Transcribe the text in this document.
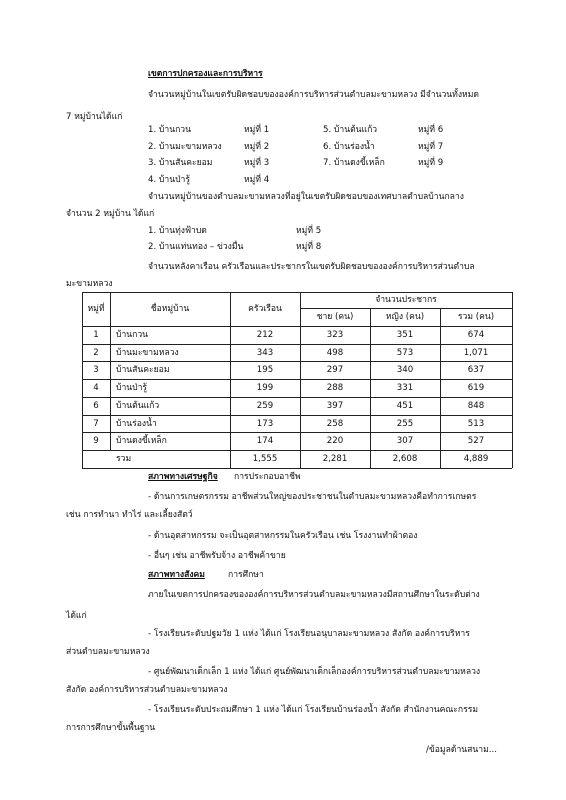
เขตการปกครองและการบริหาร
จำนวนหมู่บ้านในเขตรับผิดชอบขององค์การบริหารส่วนตำบลมะขามหลวง มีจำนวนทั้งหมด
7 หมู่บ้านได้แก่
1. บ้านกวน	หมู่ที่ 1
2. บ้านมะขามหลวง	หมู่ที่ 2
3. บ้านสันคะยอม	หมู่ที่ 3
4. บ้านป่ารู้	หมู่ที่ 4
5. บ้านต้นแก้ว	หมู่ที่ 6
6. บ้านร่องน้ำ	หมู่ที่ 7
7. บ้านดงขี้เหล็ก	หมู่ที่ 9
จำนวนหมู่บ้านของตำบลมะขามหลวงที่อยู่ในเขตรับผิดชอบของเทศบาลตำบลบ้านกลาง
จำนวน 2 หมู่บ้าน ได้แก่
1. บ้านทุ่งฟ้าบด	หมู่ที่ 5
2. บ้านแท่นทอง – ข่วงมื่น	หมู่ที่ 8
จำนวนหลังคาเรือน ครัวเรือนและประชากรในเขตรับผิดชอบขององค์การบริหารส่วนตำบล
มะขามหลวง
หมู่ที่	ชื่อหมู่บ้าน	ครัวเรือน
จำนวนประชากร
ชาย (คน)	หญิง (คน)	รวม (คน)
1	บ้านกวน	212	323	351	674
2	บ้านมะขามหลวง	343	498	573	1,071
3	บ้านสันคะยอม	195	297	340	637
4	บ้านป่ารู้	199	288	331	619
6	บ้านต้นแก้ว	259	397	451	848
7	บ้านร่องน้ำ	173	258	255	513
9	บ้านดงขี้เหล็ก	174	220	307	527
รวม	1,555	2,281	2,608	4,889
สภาพทางเศรษฐกิจ การประกอบอาชีพ
- ด้านการเกษตรกรรม อาชีพส่วนใหญ่ของประชาชนในตำบลมะขามหลวงคือทำการเกษตร
เช่น การทำนา ทำไร่ และเลี้ยงสัตว์
- ด้านอุตสาหกรรม จะเป็นอุตสาหกรรมในครัวเรือน เช่น โรงงานทำผ้าตอง
- อื่นๆ เช่น อาชีพรับจ้าง อาชีพค้าขาย
สภาพทางสังคม	การศึกษา
ภายในเขตการปกครองขององค์การบริหารส่วนตำบลมะขามหลวงมีสถานศึกษาในระดับต่าง
ได้แก่
- โรงเรียนระดับปฐมวัย 1 แห่ง ได้แก่ โรงเรียนอนุบาลมะขามหลวง สังกัด องค์การบริหาร
ส่วนตำบลมะขามหลวง
- ศูนย์พัฒนาเด็กเล็ก 1 แห่ง ได้แก่ ศูนย์พัฒนาเด็กเล็กองค์การบริหารส่วนตำบลมะขามหลวง
สังกัด องค์การบริหารส่วนตำบลมะขามหลวง
- โรงเรียนระดับประถมศึกษา 1 แห่ง ได้แก่ โรงเรียนบ้านร่องน้ำ สังกัด สำนักงานคณะกรรม
การการศึกษาขั้นพื้นฐาน
/ข้อมูลด้านสนาม...
